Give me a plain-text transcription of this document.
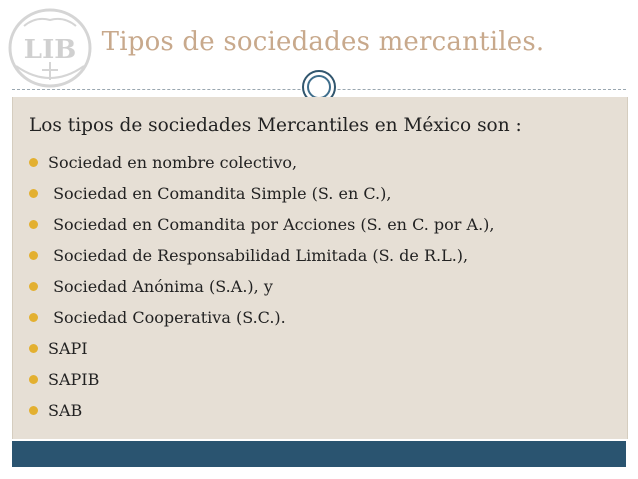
LIB Tipos de sociedades mercantiles.
Los tipos de sociedades Mercantiles en México son :
Sociedad en nombre colectivo,
Sociedad en Comandita Simple (S. en C.),
Sociedad en Comandita por Acciones (S. en C. por A.),
Sociedad de Responsabilidad Limitada (S. de R.L.),
Sociedad Anónima (S.A.), y
Sociedad Cooperativa (S.C.).
SAPI
SAPIB
SAB
